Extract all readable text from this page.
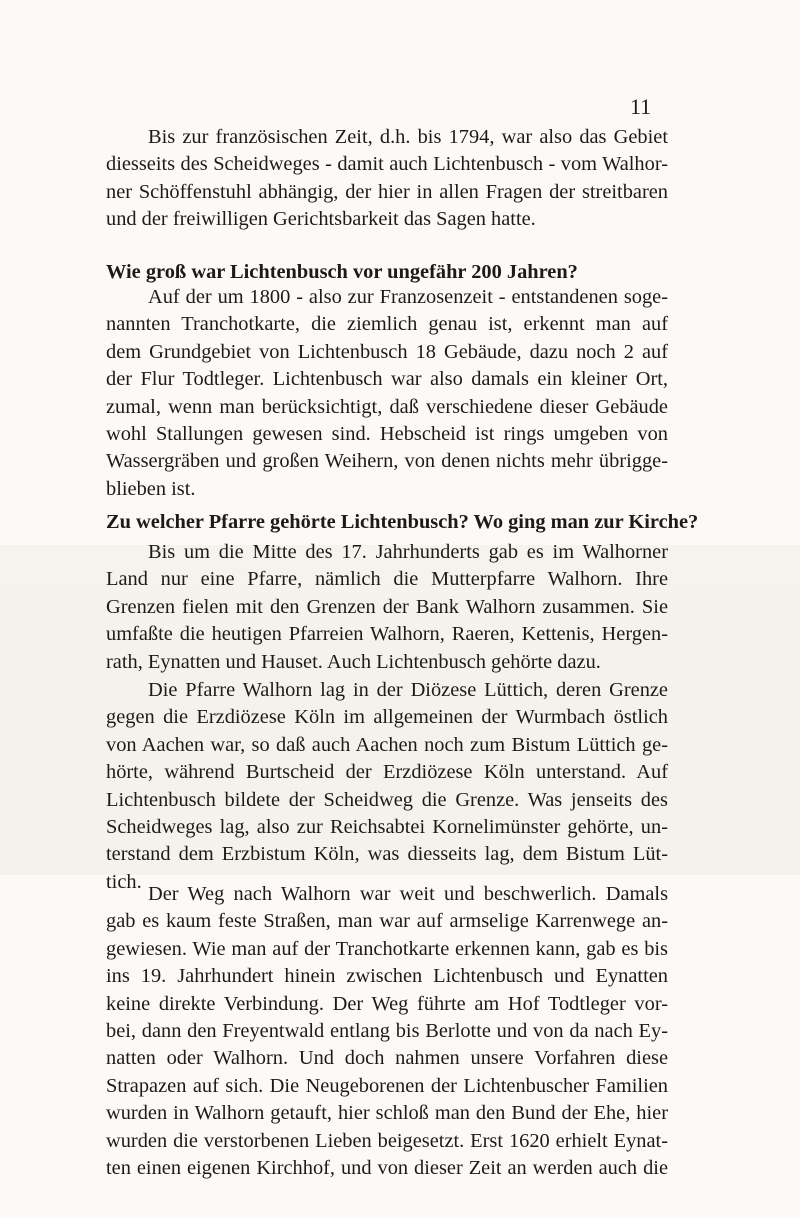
11
Bis zur französischen Zeit, d.h. bis 1794, war also das Gebiet
diesseits des Scheidweges - damit auch Lichtenbusch - vom Walhor-
ner Schöffenstuhl abhängig, der hier in allen Fragen der streitbaren
und der freiwilligen Gerichtsbarkeit das Sagen hatte.
Wie groß war Lichtenbusch vor ungefähr 200 Jahren?
Auf der um 1800 - also zur Franzosenzeit - entstandenen soge-
nannten Tranchotkarte, die ziemlich genau ist, erkennt man auf
dem Grundgebiet von Lichtenbusch 18 Gebäude, dazu noch 2 auf
der Flur Todtleger. Lichtenbusch war also damals ein kleiner Ort,
zumal, wenn man berücksichtigt, daß verschiedene dieser Gebäude
wohl Stallungen gewesen sind. Hebscheid ist rings umgeben von
Wassergräben und großen Weihern, von denen nichts mehr übrigge-
blieben ist.
Zu welcher Pfarre gehörte Lichtenbusch? Wo ging man zur Kirche?
Bis um die Mitte des 17. Jahrhunderts gab es im Walhorner
Land nur eine Pfarre, nämlich die Mutterpfarre Walhorn. Ihre
Grenzen fielen mit den Grenzen der Bank Walhorn zusammen. Sie
umfaßte die heutigen Pfarreien Walhorn, Raeren, Kettenis, Hergen-
rath, Eynatten und Hauset. Auch Lichtenbusch gehörte dazu.
Die Pfarre Walhorn lag in der Diözese Lüttich, deren Grenze
gegen die Erzdiözese Köln im allgemeinen der Wurmbach östlich
von Aachen war, so daß auch Aachen noch zum Bistum Lüttich ge-
hörte, während Burtscheid der Erzdiözese Köln unterstand. Auf
Lichtenbusch bildete der Scheidweg die Grenze. Was jenseits des
Scheidweges lag, also zur Reichsabtei Kornelimünster gehörte, un-
terstand dem Erzbistum Köln, was diesseits lag, dem Bistum Lüt-
tich.
Der Weg nach Walhorn war weit und beschwerlich. Damals
gab es kaum feste Straßen, man war auf armselige Karrenwege an-
gewiesen. Wie man auf der Tranchotkarte erkennen kann, gab es bis
ins 19. Jahrhundert hinein zwischen Lichtenbusch und Eynatten
keine direkte Verbindung. Der Weg führte am Hof Todtleger vor-
bei, dann den Freyentwald entlang bis Berlotte und von da nach Ey-
natten oder Walhorn. Und doch nahmen unsere Vorfahren diese
Strapazen auf sich. Die Neugeborenen der Lichtenbuscher Familien
wurden in Walhorn getauft, hier schloß man den Bund der Ehe, hier
wurden die verstorbenen Lieben beigesetzt. Erst 1620 erhielt Eynat-
ten einen eigenen Kirchhof, und von dieser Zeit an werden auch die
